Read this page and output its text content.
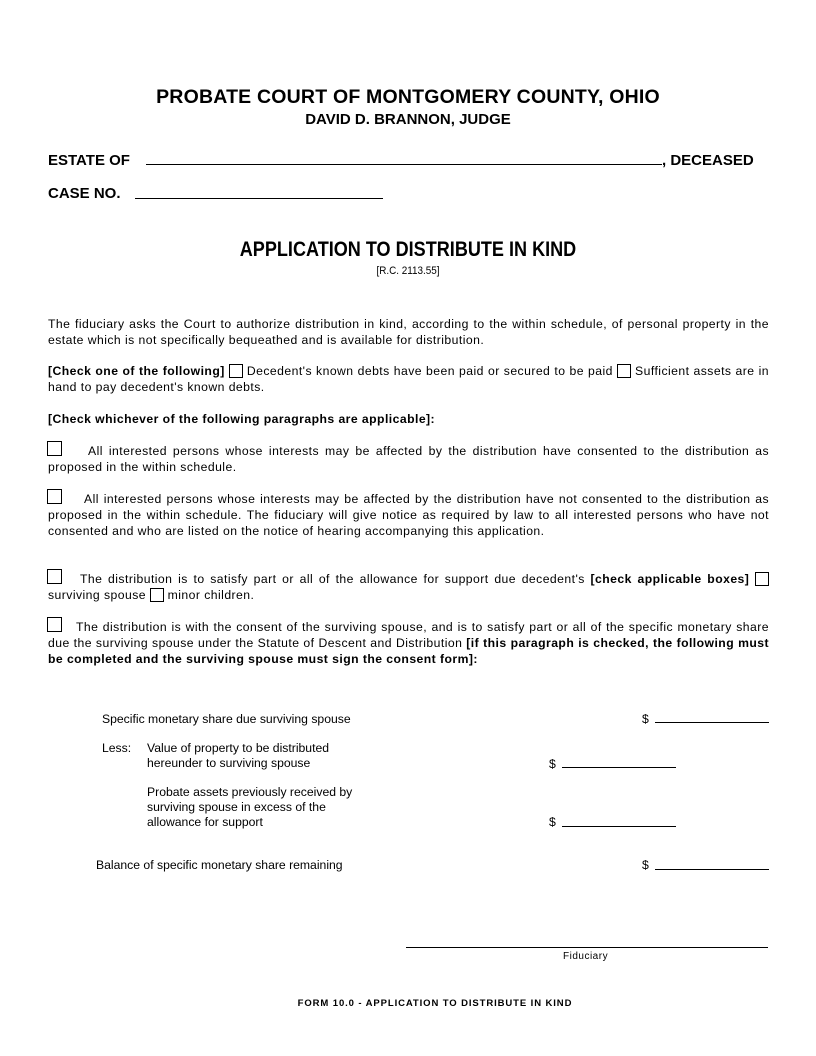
PROBATE COURT OF MONTGOMERY COUNTY, OHIO
DAVID D. BRANNON, JUDGE
ESTATE OF	, DECEASED
CASE NO.
APPLICATION TO DISTRIBUTE IN KIND
[R.C. 2113.55]
The fiduciary asks the Court to authorize distribution in kind, according to the within schedule, of personal property in the estate which is not specifically bequeathed and is available for distribution.
[Check one of the following] Decedent's known debts have been paid or secured to be paid Sufficient assets are in hand to pay decedent's known debts.
[Check whichever of the following paragraphs are applicable]:
All interested persons whose interests may be affected by the distribution have consented to the distribution as proposed in the within schedule.
All interested persons whose interests may be affected by the distribution have not consented to the distribution as proposed in the within schedule. The fiduciary will give notice as required by law to all interested persons who have not consented and who are listed on the notice of hearing accompanying this application.
The distribution is to satisfy part or all of the allowance for support due decedent's [check applicable boxes]  surviving spouse minor children.
The distribution is with the consent of the surviving spouse, and is to satisfy part or all of the specific monetary share due the surviving spouse under the Statute of Descent and Distribution [if this paragraph is checked, the following must be completed and the surviving spouse must sign the consent form]:
Specific monetary share due surviving spouse	$
Less: Value of property to be distributed
hereunder to surviving spouse	$
Probate assets previously received by
surviving spouse in excess of the
allowance for support	$
Balance of specific monetary share remaining	$
Fiduciary
FORM 10.0 - APPLICATION TO DISTRIBUTE IN KIND
